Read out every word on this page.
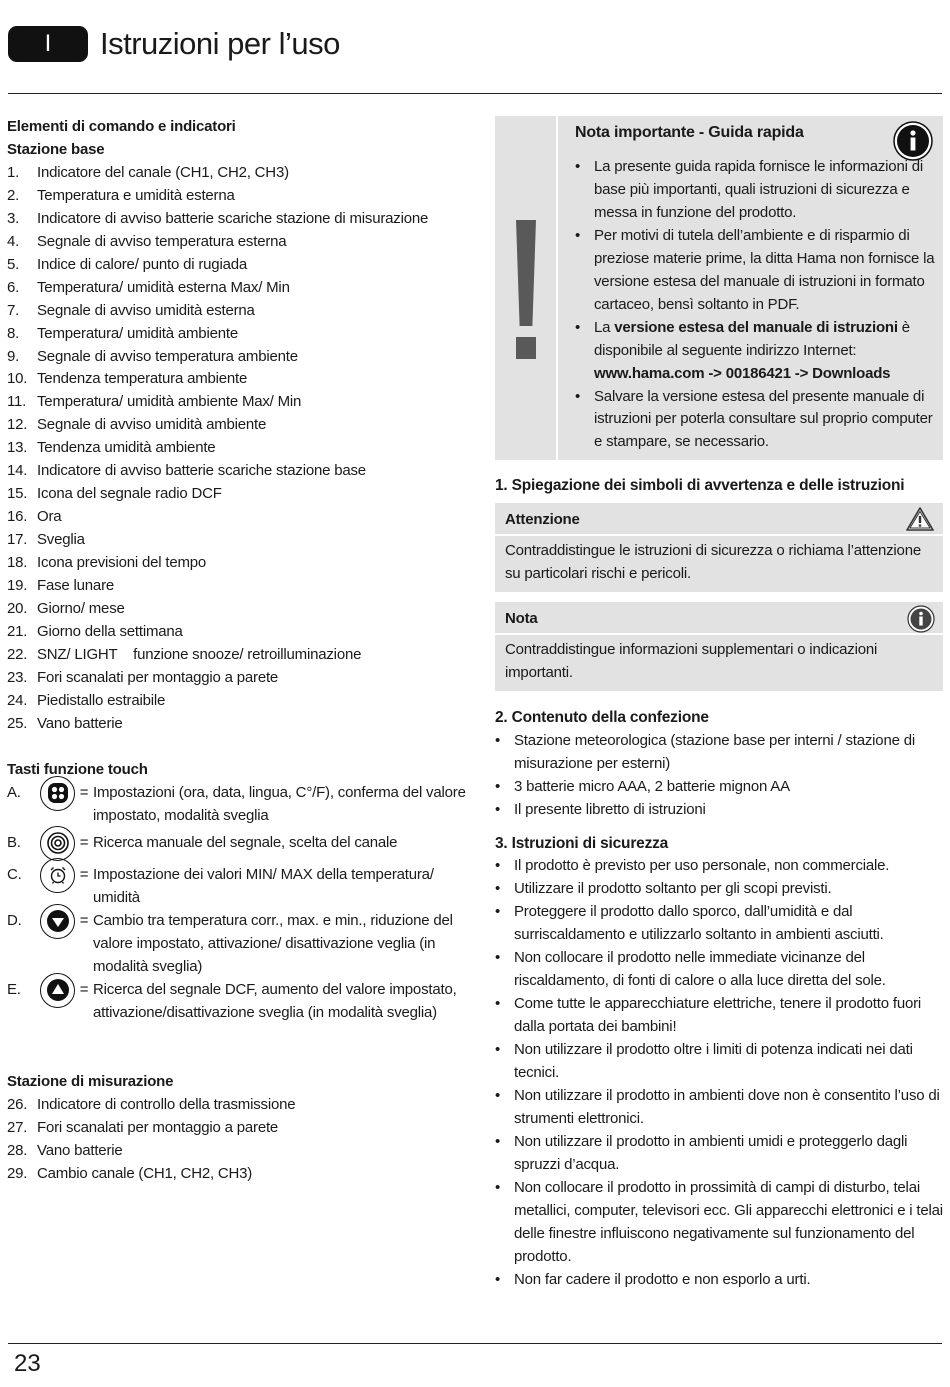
I	Istruzioni per l’uso
Elementi di comando e indicatori
Stazione base
1.	Indicatore del canale (CH1, CH2, CH3)
2.	Temperatura e umidità esterna
3.	Indicatore di avviso batterie scariche stazione di misurazione
4.	Segnale di avviso temperatura esterna
5.	Indice di calore/ punto di rugiada
6.	Temperatura/ umidità esterna Max/ Min
7.	Segnale di avviso umidità esterna
8.	Temperatura/ umidità ambiente
9.	Segnale di avviso temperatura ambiente
10. Tendenza temperatura ambiente
11. Temperatura/ umidità ambiente Max/ Min
12. Segnale di avviso umidità ambiente
13. Tendenza umidità ambiente
14. Indicatore di avviso batterie scariche stazione base
15. Icona del segnale radio DCF
16. Ora
17. Sveglia
18. Icona previsioni del tempo
19. Fase lunare
20. Giorno/ mese
21. Giorno della settimana
22. SNZ/ LIGHT    funzione snooze/ retroilluminazione
23. Fori scanalati per montaggio a parete
24. Piedistallo estraibile
25. Vano batterie
Tasti funzione touch
A.	= Impostazioni (ora, data, lingua, C°/F), conferma del valore impostato, modalità sveglia
B.	= Ricerca manuale del segnale, scelta del canale
C.	= Impostazione dei valori MIN/ MAX della temperatura/ umidità
D.	= Cambio tra temperatura corr., max. e min., riduzione del valore impostato, attivazione/ disattivazione veglia (in modalità sveglia)
E.	= Ricerca del segnale DCF, aumento del valore impostato, attivazione/disattivazione sveglia (in modalità sveglia)
Stazione di misurazione
26. Indicatore di controllo della trasmissione
27. Fori scanalati per montaggio a parete
28. Vano batterie
29. Cambio canale (CH1, CH2, CH3)
Nota importante - Guida rapida
• La presente guida rapida fornisce le informazioni di base più importanti, quali istruzioni di sicurezza e messa in funzione del prodotto.
• Per motivi di tutela dell’ambiente e di risparmio di preziose materie prime, la ditta Hama non fornisce la versione estesa del manuale di istruzioni in formato cartaceo, bensì soltanto in PDF.
• La versione estesa del manuale di istruzioni è disponibile al seguente indirizzo Internet:
www.hama.com -> 00186421 -> Downloads
• Salvare la versione estesa del presente manuale di istruzioni per poterla consultare sul proprio computer e stampare, se necessario.
1. Spiegazione dei simboli di avvertenza e delle istruzioni
Attenzione
Contraddistingue le istruzioni di sicurezza o richiama l’attenzione su particolari rischi e pericoli.
Nota
Contraddistingue informazioni supplementari o indicazioni importanti.
2. Contenuto della confezione
• Stazione meteorologica (stazione base per interni / stazione di misurazione per esterni)
• 3 batterie micro AAA, 2 batterie mignon AA
• Il presente libretto di istruzioni
3. Istruzioni di sicurezza
• Il prodotto è previsto per uso personale, non commerciale.
• Utilizzare il prodotto soltanto per gli scopi previsti.
• Proteggere il prodotto dallo sporco, dall’umidità e dal surriscaldamento e utilizzarlo soltanto in ambienti asciutti.
• Non collocare il prodotto nelle immediate vicinanze del riscaldamento, di fonti di calore o alla luce diretta del sole.
• Come tutte le apparecchiature elettriche, tenere il prodotto fuori dalla portata dei bambini!
• Non utilizzare il prodotto oltre i limiti di potenza indicati nei dati tecnici.
• Non utilizzare il prodotto in ambienti dove non è consentito l’uso di strumenti elettronici.
• Non utilizzare il prodotto in ambienti umidi e proteggerlo dagli spruzzi d’acqua.
• Non collocare il prodotto in prossimità di campi di disturbo, telai metallici, computer, televisori ecc. Gli apparecchi elettronici e i telai delle finestre influiscono negativamente sul funzionamento del prodotto.
• Non far cadere il prodotto e non esporlo a urti.
23
